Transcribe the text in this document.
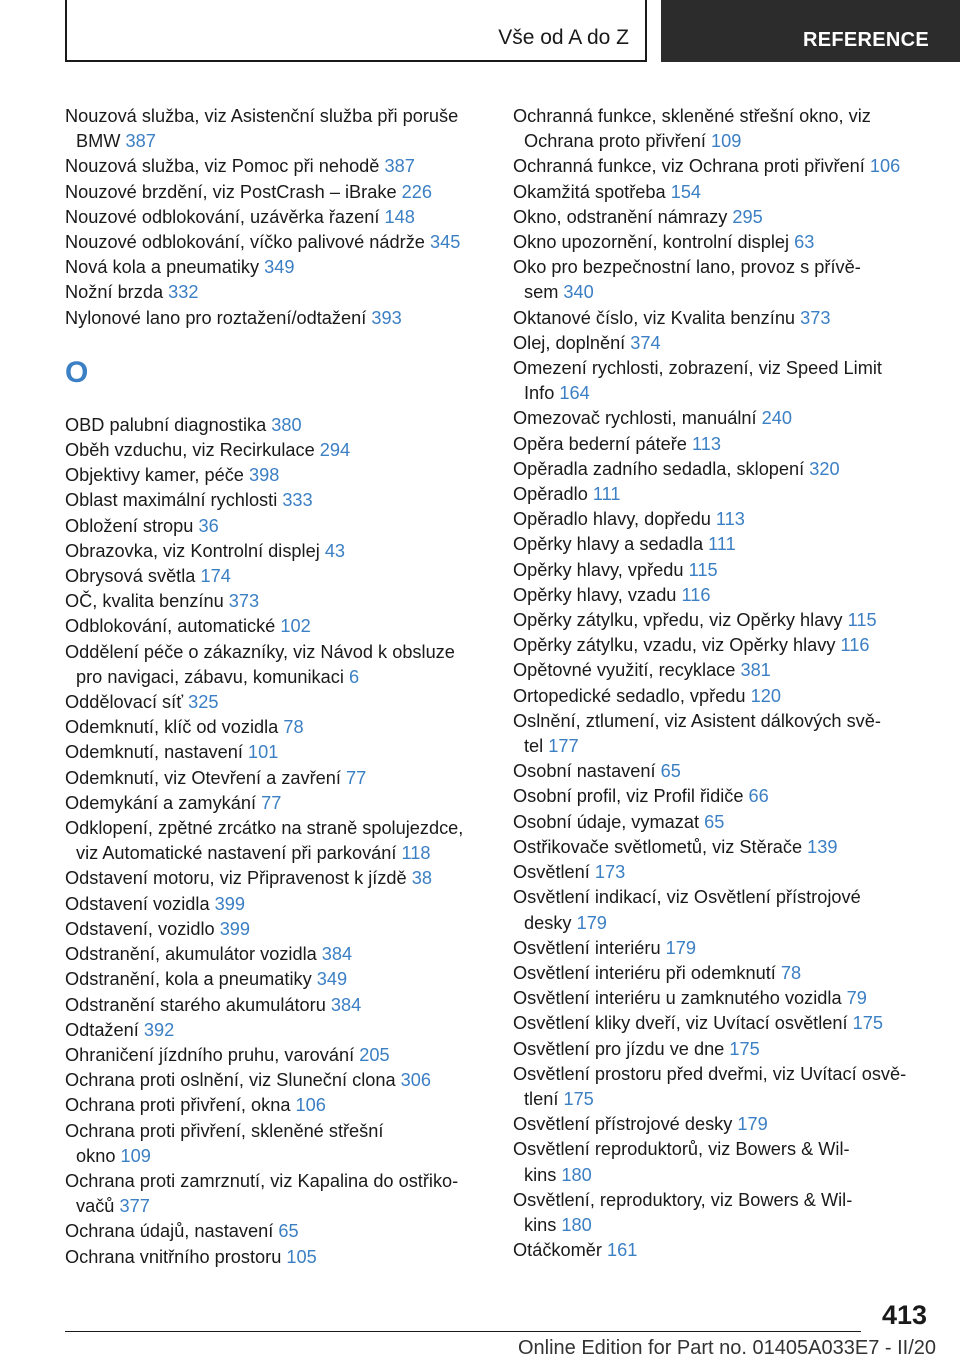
Vše od A do Z	REFERENCE
Nouzová služba, viz Asistenční služba při poruše
BMW 387
Nouzová služba, viz Pomoc při nehodě 387
Nouzové brzdění, viz PostCrash – iBrake 226
Nouzové odblokování, uzávěrka řazení 148
Nouzové odblokování, víčko palivové nádrže 345
Nová kola a pneumatiky 349
Nožní brzda 332
Nylonové lano pro roztažení/odtažení 393
O
OBD palubní diagnostika 380
Oběh vzduchu, viz Recirkulace 294
Objektivy kamer, péče 398
Oblast maximální rychlosti 333
Obložení stropu 36
Obrazovka, viz Kontrolní displej 43
Obrysová světla 174
OČ, kvalita benzínu 373
Odblokování, automatické 102
Oddělení péče o zákazníky, viz Návod k obsluze
pro navigaci, zábavu, komunikaci 6
Oddělovací síť 325
Odemknutí, klíč od vozidla 78
Odemknutí, nastavení 101
Odemknutí, viz Otevření a zavření 77
Odemykání a zamykání 77
Odklopení, zpětné zrcátko na straně spolujezdce,
viz Automatické nastavení při parkování 118
Odstavení motoru, viz Připravenost k jízdě 38
Odstavení vozidla 399
Odstavení, vozidlo 399
Odstranění, akumulátor vozidla 384
Odstranění, kola a pneumatiky 349
Odstranění starého akumulátoru 384
Odtažení 392
Ohraničení jízdního pruhu, varování 205
Ochrana proti oslnění, viz Sluneční clona 306
Ochrana proti přivření, okna 106
Ochrana proti přivření, skleněné střešní
okno 109
Ochrana proti zamrznutí, viz Kapalina do ostřiko‐
vačů 377
Ochrana údajů, nastavení 65
Ochrana vnitřního prostoru 105
Ochranná funkce, skleněné střešní okno, viz
Ochrana proto přivření 109
Ochranná funkce, viz Ochrana proti přivření 106
Okamžitá spotřeba 154
Okno, odstranění námrazy 295
Okno upozornění, kontrolní displej 63
Oko pro bezpečnostní lano, provoz s přívě‐
sem 340
Oktanové číslo, viz Kvalita benzínu 373
Olej, doplnění 374
Omezení rychlosti, zobrazení, viz Speed Limit
Info 164
Omezovač rychlosti, manuální 240
Opěra bederní páteře 113
Opěradla zadního sedadla, sklopení 320
Opěradlo 111
Opěradlo hlavy, dopředu 113
Opěrky hlavy a sedadla 111
Opěrky hlavy, vpředu 115
Opěrky hlavy, vzadu 116
Opěrky zátylku, vpředu, viz Opěrky hlavy 115
Opěrky zátylku, vzadu, viz Opěrky hlavy 116
Opětovné využití, recyklace 381
Ortopedické sedadlo, vpředu 120
Oslnění, ztlumení, viz Asistent dálkových svě‐
tel 177
Osobní nastavení 65
Osobní profil, viz Profil řidiče 66
Osobní údaje, vymazat 65
Ostřikovače světlometů, viz Stěrače 139
Osvětlení 173
Osvětlení indikací, viz Osvětlení přístrojové
desky 179
Osvětlení interiéru 179
Osvětlení interiéru při odemknutí 78
Osvětlení interiéru u zamknutého vozidla 79
Osvětlení kliky dveří, viz Uvítací osvětlení 175
Osvětlení pro jízdu ve dne 175
Osvětlení prostoru před dveřmi, viz Uvítací osvě‐
tlení 175
Osvětlení přístrojové desky 179
Osvětlení reproduktorů, viz Bowers & Wil‐
kins 180
Osvětlení, reproduktory, viz Bowers & Wil‐
kins 180
Otáčkoměr 161
413
Online Edition for Part no. 01405A033E7 - II/20
